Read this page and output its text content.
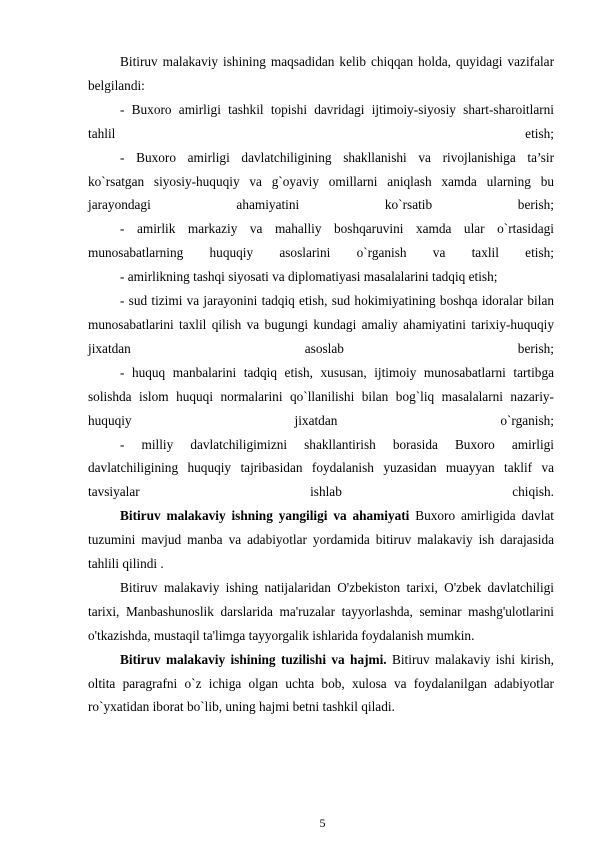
Bitiruv malakaviy ishining maqsadidan kelib chiqqan holda, quyidagi vazifalar belgilandi:

- Buxoro amirligi tashkil topishi davridagi ijtimoiy-siyosiy shart-sharoitlarni tahlil etish;

- Buxoro amirligi davlatchiligining shakllanishi va rivojlanishiga ta’sir ko`rsatgan siyosiy-huquqiy va g`oyaviy omillarni aniqlash xamda ularning bu jarayondagi ahamiyatini ko`rsatib berish;

- amirlik markaziy va mahalliy boshqaruvini xamda ular o`rtasidagi munosabatlarning huquqiy asoslarini o`rganish va taxlil etish;

- amirlikning tashqi siyosati va diplomatiyasi masalalarini tadqiq etish;

- sud tizimi va jarayonini tadqiq etish, sud hokimiyatining boshqa idoralar bilan munosabatlarini taxlil qilish va bugungi kundagi amaliy ahamiyatini tarixiy-huquqiy jixatdan asoslab berish;

- huquq manbalarini tadqiq etish, xususan, ijtimoiy munosabatlarni tartibga solishda islom huquqi normalarini qo`llanilishi bilan bog`liq masalalarni nazariy-huquqiy jixatdan o`rganish;

- milliy davlatchiligimizni shakllantirish borasida Buxoro amirligi davlatchiligining huquqiy tajribasidan foydalanish yuzasidan muayyan taklif va tavsiyalar ishlab chiqish.

Bitiruv malakaviy ishning yangiligi va ahamiyati Buxoro amirligida davlat tuzumini mavjud manba va adabiyotlar yordamida bitiruv malakaviy ish darajasida tahlili qilindi .

Bitiruv malakaviy ishing natijalaridan O'zbekiston tarixi, O'zbek davlatchiligi tarixi, Manbashunoslik darslarida ma'ruzalar tayyorlashda, seminar mashg'ulotlarini o'tkazishda, mustaqil ta'limga tayyorgalik ishlarida foydalanish mumkin.

Bitiruv malakaviy ishining tuzilishi va hajmi. Bitiruv malakaviy ishi kirish, oltita paragrafni o`z ichiga olgan uchta bob, xulosa va foydalanilgan adabiyotlar ro`yxatidan iborat bo`lib, uning hajmi betni tashkil qiladi.

5
